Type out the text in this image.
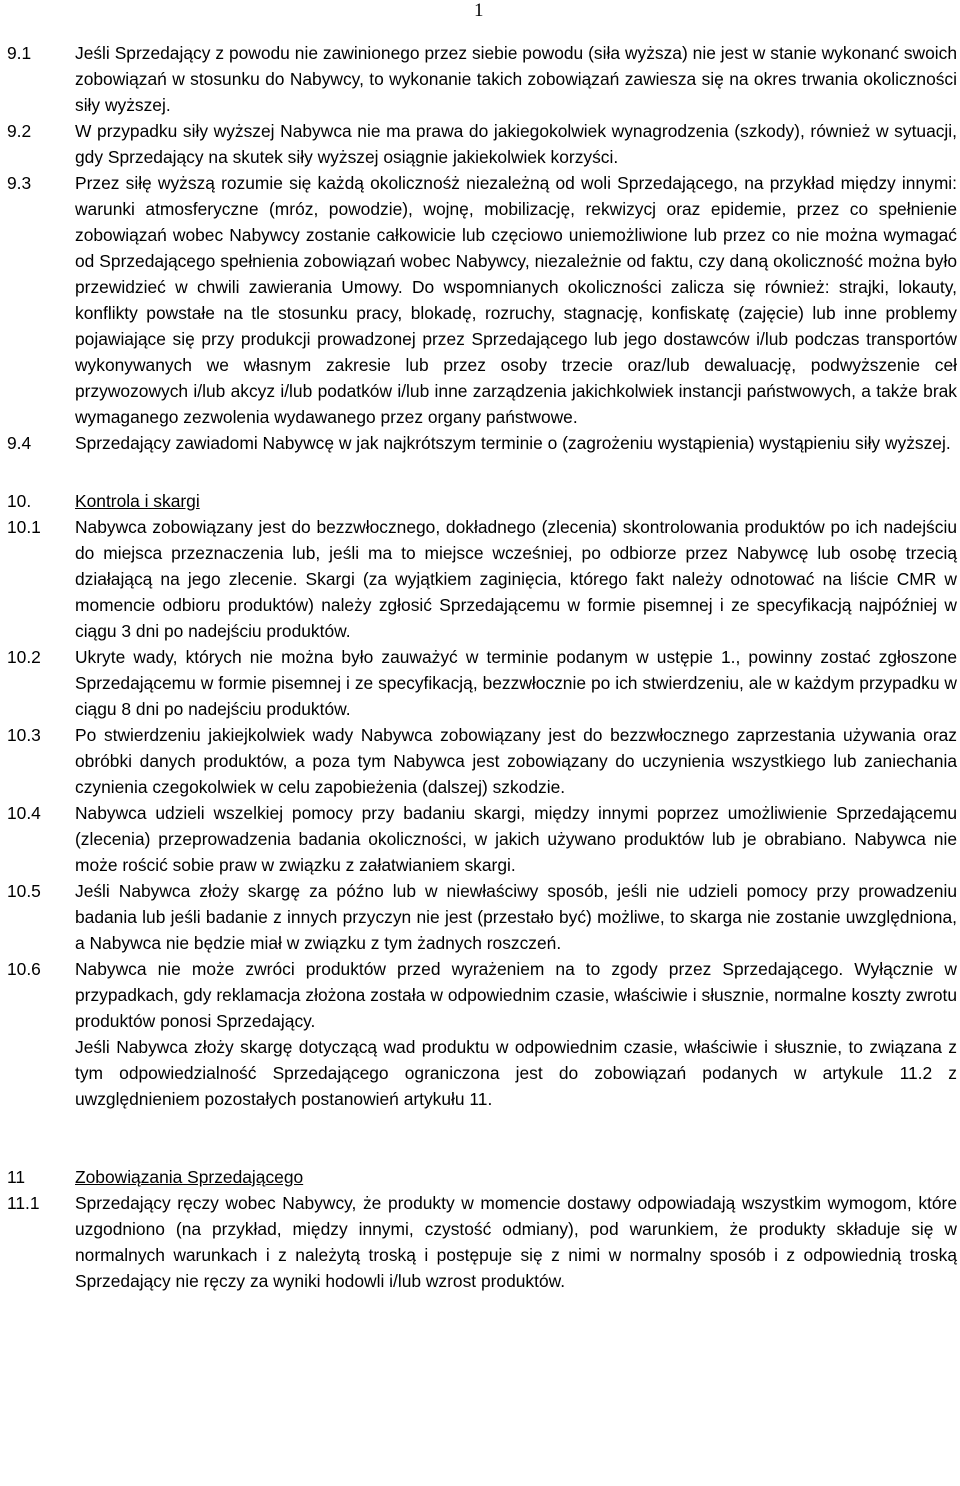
1
9.1	Jeśli Sprzedający z powodu nie zawinionego przez siebie powodu (siła wyższa) nie jest w stanie wykonanć swoich zobowiązań w stosunku do Nabywcy, to wykonanie takich zobowiązań zawiesza się na okres trwania okoliczności siły wyższej.
9.2	W przypadku siły wyższej Nabywca nie ma prawa do jakiegokolwiek wynagrodzenia (szkody), również w sytuacji, gdy Sprzedający na skutek siły wyższej osiągnie jakiekolwiek korzyści.
9.3	Przez siłę wyższą rozumie się każdą okolicznośż niezależną od woli Sprzedającego, na przykład między innymi: warunki atmosferyczne (mróz, powodzie), wojnę, mobilizację, rekwizycj oraz epidemie, przez co spełnienie zobowiązań wobec Nabywcy zostanie całkowicie lub częciowo uniemożliwione lub przez co nie można wymagać od Sprzedającego spełnienia zobowiązań wobec Nabywcy, niezależnie od faktu, czy daną okoliczność można było przewidzieć w chwili zawierania Umowy. Do wspomnianych okoliczności zalicza się również: strajki, lokauty, konflikty powstałe na tle stosunku pracy, blokadę, rozruchy, stagnację, konfiskatę (zajęcie) lub inne problemy pojawiające się przy produkcji prowadzonej przez Sprzedającego lub jego dostawców i/lub podczas transportów wykonywanych we własnym zakresie lub przez osoby trzecie oraz/lub dewaluację, podwyższenie ceł przywozowych i/lub akcyz i/lub podatków i/lub inne zarządzenia jakichkolwiek instancji państwowych, a także brak wymaganego zezwolenia wydawanego przez organy państwowe.
9.4	Sprzedający zawiadomi Nabywcę w jak najkrótszym terminie o (zagrożeniu wystąpienia) wystąpieniu siły wyższej.
10.	Kontrola i skargi
10.1	Nabywca zobowiązany jest do bezzwłocznego, dokładnego (zlecenia) skontrolowania produktów po ich nadejściu do miejsca przeznaczenia lub, jeśli ma to miejsce wcześniej, po odbiorze przez Nabywcę lub osobę trzecią działającą na jego zlecenie. Skargi (za wyjątkiem zaginięcia, którego fakt należy odnotować na liście CMR w momencie odbioru produktów) należy zgłosić Sprzedającemu w formie pisemnej i ze specyfikacją najpóźniej w ciągu 3 dni po nadejściu produktów.
10.2	Ukryte wady, których nie można było zauważyć w terminie podanym w ustępie 1., powinny zostać zgłoszone Sprzedającemu w formie pisemnej i ze specyfikacją, bezzwłocznie po ich stwierdzeniu, ale w każdym przypadku w ciągu 8 dni po nadejściu produktów.
10.3	Po stwierdzeniu jakiejkolwiek wady Nabywca zobowiązany jest do bezzwłocznego zaprzestania używania oraz obróbki danych produktów, a poza tym Nabywca jest zobowiązany do uczynienia wszystkiego lub zaniechania czynienia czegokolwiek w celu zapobieżenia (dalszej) szkodzie.
10.4	Nabywca udzieli wszelkiej pomocy przy badaniu skargi, między innymi poprzez umożliwienie Sprzedającemu (zlecenia) przeprowadzenia badania okoliczności, w jakich używano produktów lub je obrabiano. Nabywca nie może rościć sobie praw w związku z załatwianiem skargi.
10.5	Jeśli Nabywca złoży skargę za późno lub w niewłaściwy sposób, jeśli nie udzieli pomocy przy prowadzeniu badania lub jeśli badanie z innych przyczyn nie jest (przestało być) możliwe, to skarga nie zostanie uwzględniona, a Nabywca nie będzie miał w związku z tym żadnych roszczeń.
10.6	Nabywca nie może zwróci produktów przed wyrażeniem na to zgody przez Sprzedającego. Wyłącznie w przypadkach, gdy reklamacja złożona została w odpowiednim czasie, właściwie i słusznie, normalne koszty zwrotu produktów ponosi Sprzedający.
Jeśli Nabywca złoży skargę dotyczącą wad produktu w odpowiednim czasie, właściwie i słusznie, to związana z tym odpowiedzialność Sprzedającego ograniczona jest do zobowiązań podanych w artykule 11.2 z uwzględnieniem pozostałych postanowień artykułu 11.
11	Zobowiązania Sprzedającego
11.1	Sprzedający ręczy wobec Nabywcy, że produkty w momencie dostawy odpowiadają wszystkim wymogom, które uzgodniono (na przykład, między innymi, czystość odmiany), pod warunkiem, że produkty składuje się w normalnych warunkach i z należytą troską i postępuje się z nimi w normalny sposób i z odpowiednią troską Sprzedający nie ręczy za wyniki hodowli i/lub wzrost produktów.
